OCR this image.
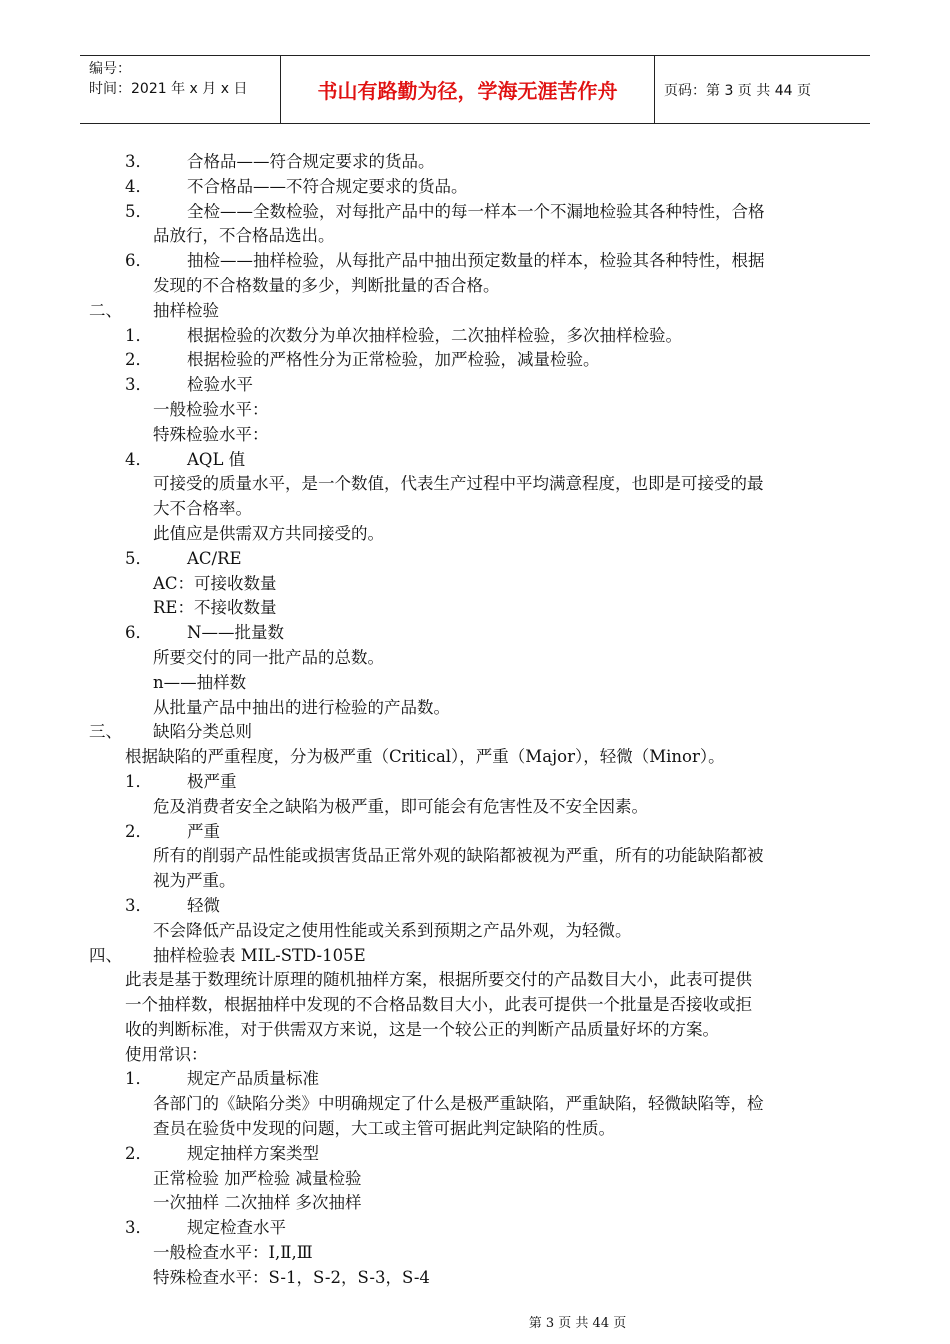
编号：
时间：2021 年 x 月 x 日	书山有路勤为径，学海无涯苦作舟	页码：第 3 页 共 44 页
3． 合格品——符合规定要求的货品。
4． 不合格品——不符合规定要求的货品。
5． 全检——全数检验，对每批产品中的每一样本一个不漏地检验其各种特性，合格
品放行，不合格品选出。
6． 抽检——抽样检验，从每批产品中抽出预定数量的样本，检验其各种特性，根据
发现的不合格数量的多少，判断批量的否合格。
二、 抽样检验
1． 根据检验的次数分为单次抽样检验，二次抽样检验，多次抽样检验。
2． 根据检验的严格性分为正常检验，加严检验，减量检验。
3． 检验水平
一般检验水平：
特殊检验水平：
4． AQL 值
可接受的质量水平，是一个数值，代表生产过程中平均满意程度，也即是可接受的最
大不合格率。
此值应是供需双方共同接受的。
5． AC/RE
AC：可接收数量
RE：不接收数量
6． N——批量数
所要交付的同一批产品的总数。
n——抽样数
从批量产品中抽出的进行检验的产品数。
三、 缺陷分类总则
根据缺陷的严重程度，分为极严重（Critical），严重（Major），轻微（Minor）。
1． 极严重
危及消费者安全之缺陷为极严重，即可能会有危害性及不安全因素。
2． 严重
所有的削弱产品性能或损害货品正常外观的缺陷都被视为严重，所有的功能缺陷都被
视为严重。
3． 轻微
不会降低产品设定之使用性能或关系到预期之产品外观，为轻微。
四、 抽样检验表 MIL-STD-105E
此表是基于数理统计原理的随机抽样方案，根据所要交付的产品数目大小，此表可提供
一个抽样数，根据抽样中发现的不合格品数目大小，此表可提供一个批量是否接收或拒
收的判断标准，对于供需双方来说，这是一个较公正的判断产品质量好坏的方案。
使用常识：
1． 规定产品质量标准
各部门的《缺陷分类》中明确规定了什么是极严重缺陷，严重缺陷，轻微缺陷等，检
查员在验货中发现的问题，大工或主管可据此判定缺陷的性质。
2． 规定抽样方案类型
正常检验 加严检验 减量检验
一次抽样 二次抽样 多次抽样
3． 规定检查水平
一般检查水平：Ⅰ,Ⅱ,Ⅲ
特殊检查水平：S-1，S-2，S-3，S-4
第 3 页 共 44 页
